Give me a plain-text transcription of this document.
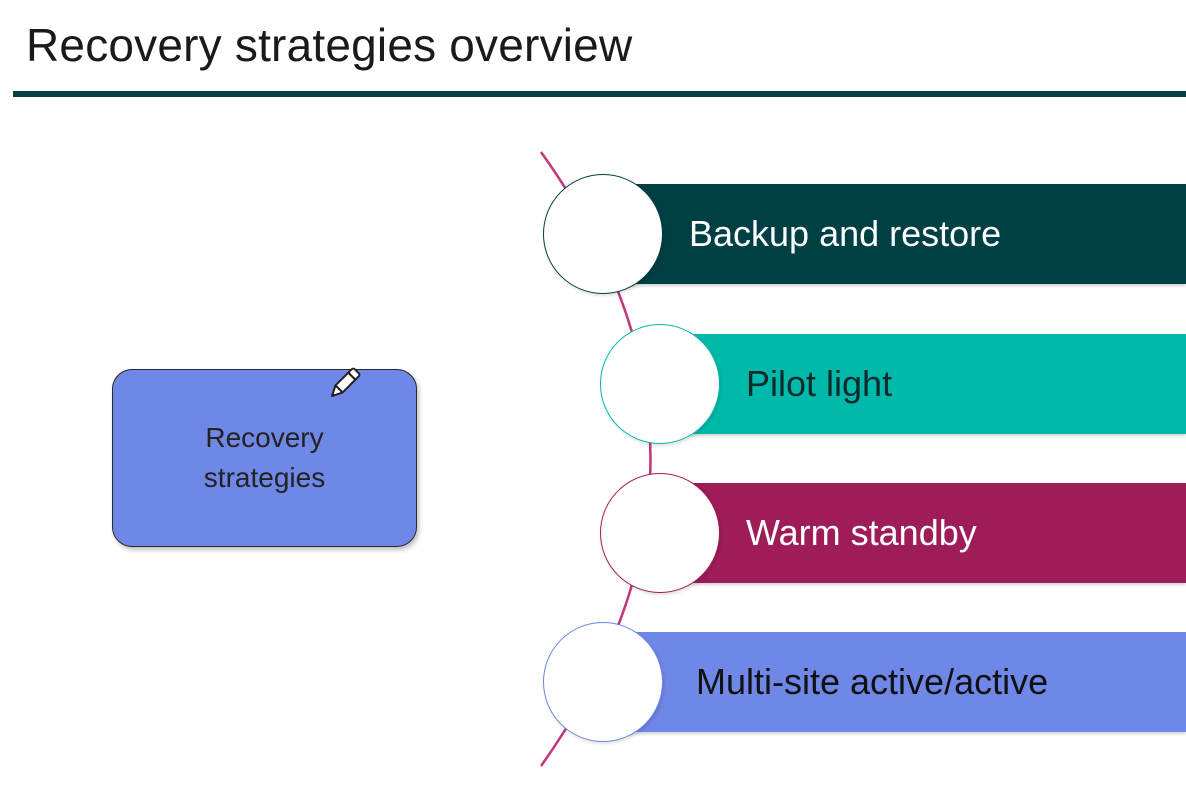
Recovery strategies overview
Backup and restore
Pilot light
Warm standby
Multi-site active/active
Recovery strategies
